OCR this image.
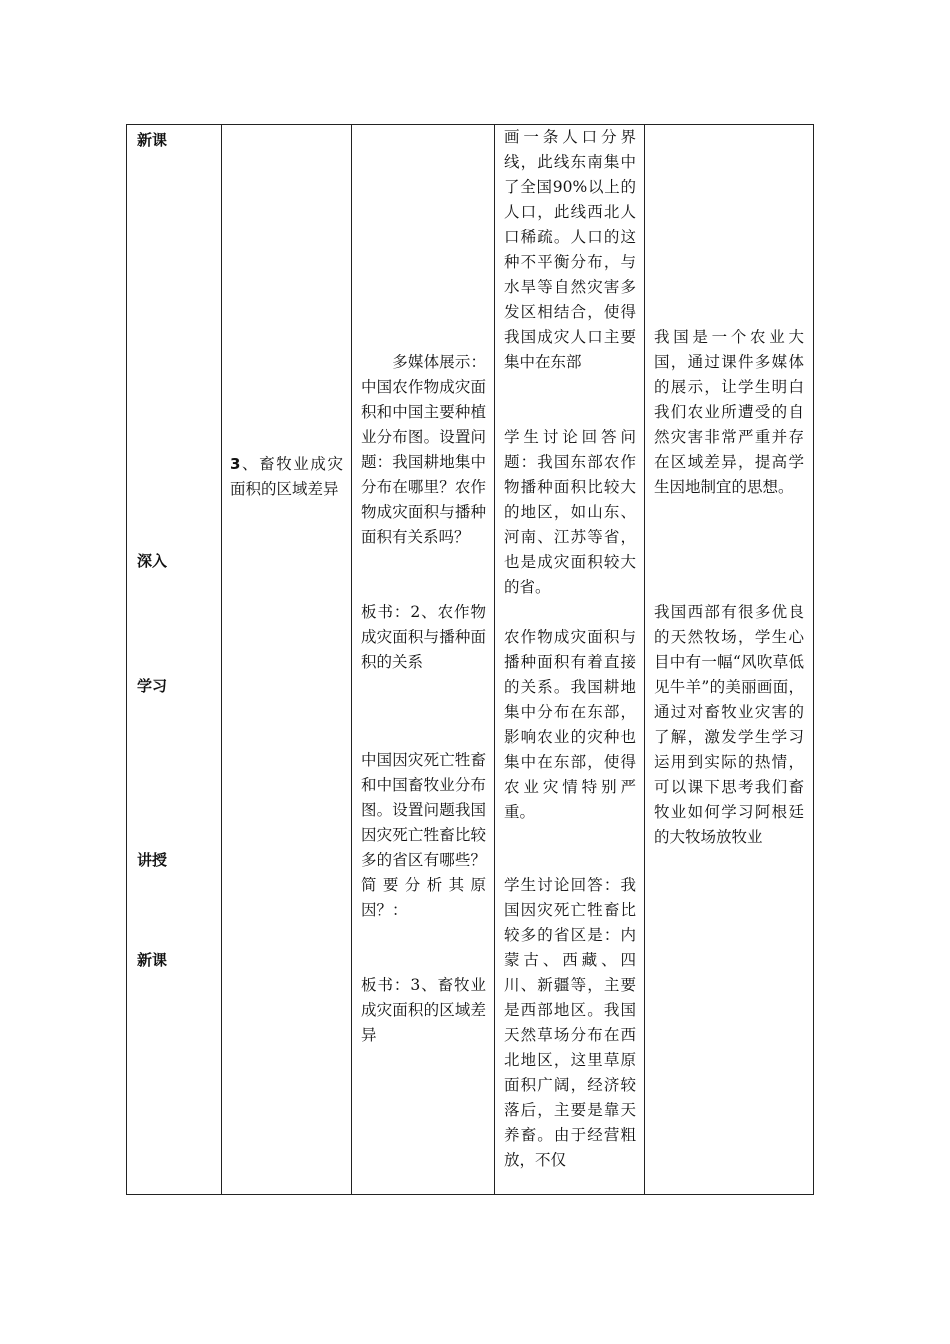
新课
深入
学习
讲授
新课
3、畜牧业成灾面积的区域差异
　　多媒体展示：中国农作物成灾面积和中国主要种植业分布图。设置问题：我国耕地集中分布在哪里？农作物成灾面积与播种面积有关系吗？
板书：2、农作物成灾面积与播种面积的关系
中国因灾死亡牲畜和中国畜牧业分布图。设置问题我国因灾死亡牲畜比较多的省区有哪些？简要分析其原因？：
板书：3、畜牧业成灾面积的区域差异
画一条人口分界线，此线东南集中了全国90%以上的人口，此线西北人口稀疏。人口的这种不平衡分布，与水旱等自然灾害多发区相结合，使得我国成灾人口主要集中在东部
学生讨论回答问题：我国东部农作物播种面积比较大的地区，如山东、河南、江苏等省，也是成灾面积较大的省。
农作物成灾面积与播种面积有着直接的关系。我国耕地集中分布在东部，影响农业的灾种也集中在东部，使得农业灾情特别严重。
学生讨论回答：我国因灾死亡牲畜比较多的省区是：内蒙古、西藏、四川、新疆等，主要是西部地区。我国天然草场分布在西北地区，这里草原面积广阔，经济较落后，主要是靠天养畜。由于经营粗放，不仅
我国是一个农业大国，通过课件多媒体的展示，让学生明白我们农业所遭受的自然灾害非常严重并存在区域差异，提高学生因地制宜的思想。
我国西部有很多优良的天然牧场，学生心目中有一幅“风吹草低见牛羊”的美丽画面，通过对畜牧业灾害的了解，激发学生学习运用到实际的热情，可以课下思考我们畜牧业如何学习阿根廷的大牧场放牧业
